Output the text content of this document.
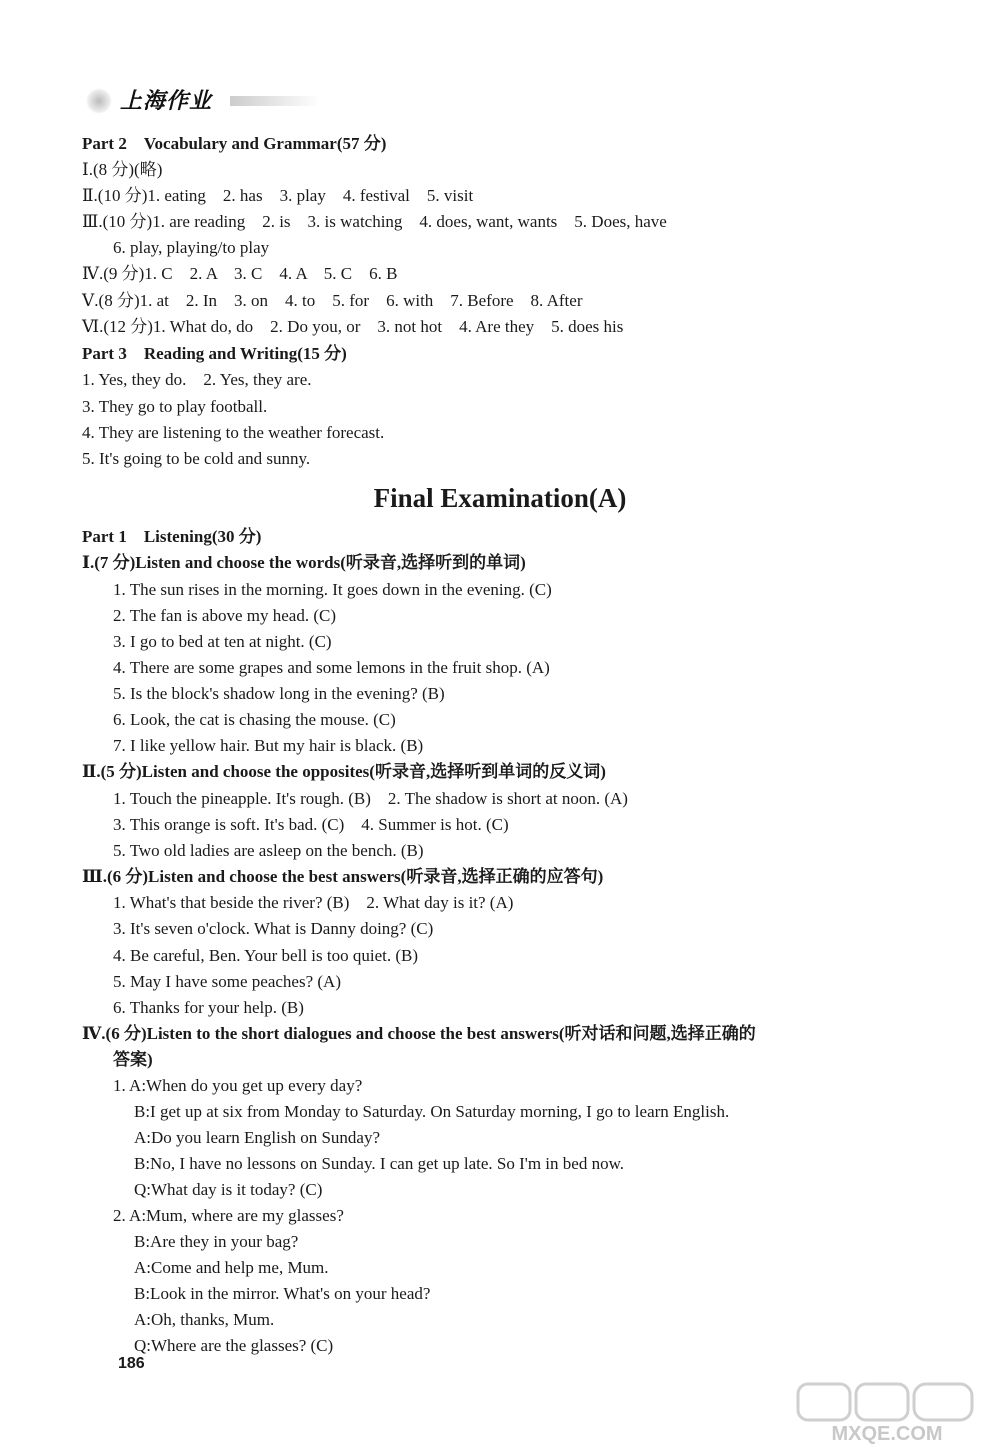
上海作业
Part 2　Vocabulary and Grammar(57 分)
Ⅰ.(8 分)(略)
Ⅱ.(10 分)1. eating　2. has　3. play　4. festival　5. visit
Ⅲ.(10 分)1. are reading　2. is　3. is watching　4. does, want, wants　5. Does, have
6. play, playing/to play
Ⅳ.(9 分)1. C　2. A　3. C　4. A　5. C　6. B
Ⅴ.(8 分)1. at　2. In　3. on　4. to　5. for　6. with　7. Before　8. After
Ⅵ.(12 分)1. What do, do　2. Do you, or　3. not hot　4. Are they　5. does his
Part 3　Reading and Writing(15 分)
1. Yes, they do.　2. Yes, they are.
3. They go to play football.
4. They are listening to the weather forecast.
5. It's going to be cold and sunny.
Part 1　Listening(30 分)
Ⅰ.(7 分)Listen and choose the words(听录音,选择听到的单词)
1. The sun rises in the morning. It goes down in the evening. (C)
2. The fan is above my head. (C)
3. I go to bed at ten at night. (C)
4. There are some grapes and some lemons in the fruit shop. (A)
5. Is the block's shadow long in the evening? (B)
6. Look, the cat is chasing the mouse. (C)
7. I like yellow hair. But my hair is black. (B)
Ⅱ.(5 分)Listen and choose the opposites(听录音,选择听到单词的反义词)
1. Touch the pineapple. It's rough. (B)　2. The shadow is short at noon. (A)
3. This orange is soft. It's bad. (C)　4. Summer is hot. (C)
5. Two old ladies are asleep on the bench. (B)
Ⅲ.(6 分)Listen and choose the best answers(听录音,选择正确的应答句)
1. What's that beside the river? (B)　2. What day is it? (A)
3. It's seven o'clock. What is Danny doing? (C)
4. Be careful, Ben. Your bell is too quiet. (B)
5. May I have some peaches? (A)
6. Thanks for your help. (B)
Ⅳ.(6 分)Listen to the short dialogues and choose the best answers(听对话和问题,选择正确的
答案)
1. A:When do you get up every day?
B:I get up at six from Monday to Saturday. On Saturday morning, I go to learn English.
A:Do you learn English on Sunday?
B:No, I have no lessons on Sunday. I can get up late. So I'm in bed now.
Q:What day is it today? (C)
2. A:Mum, where are my glasses?
B:Are they in your bag?
A:Come and help me, Mum.
B:Look in the mirror. What's on your head?
A:Oh, thanks, Mum.
Q:Where are the glasses? (C)
Final Examination(A)
186
MXQE.COM
